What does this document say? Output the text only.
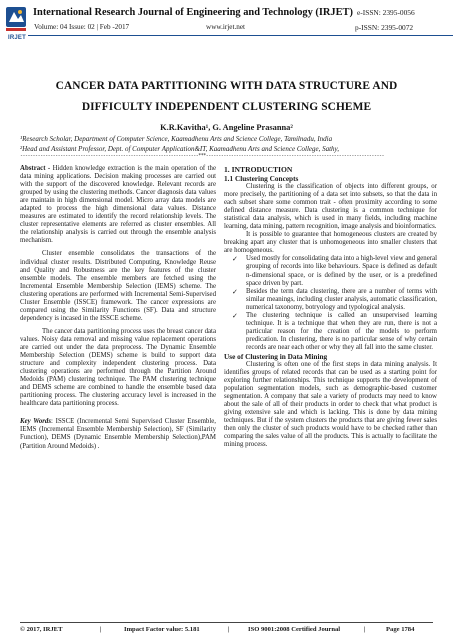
IRJET
International Research Journal of Engineering and Technology (IRJET) e-ISSN: 2395-0056
Volume: 04 Issue: 02 | Feb -2017	www.irjet.net	p-ISSN: 2395-0072
CANCER DATA PARTITIONING WITH DATA STRUCTURE AND
DIFFICULTY INDEPENDENT CLUSTERING SCHEME
K.R.Kavitha¹, G. Angeline Prasanna²
¹Research Scholar, Department of Computer Science, Kaamadhenu Arts and Science College, Tamilnadu, India
²Head and Assistant Professor, Dept. of Computer Application&IT, Kaamadhenu Arts and Science College, Sathy,
-----------------------------------------------------------------------***-----------------------------------------------------------------------

Abstract - Hidden knowledge extraction is the main operation of the data mining applications. Decision making processes are carried out with the support of the discovered knowledge. Relevant records are grouped by using the clustering methods. Cancer diagnosis data values are maintain in high dimensional model. Micro array data models are adapted to process the high dimensional data values. Distance measures are estimated to identify the record relationship levels. The cluster representative elements are referred as cluster ensembles. All the relationship analysis is carried out through the ensemble analysis mechanism.

Cluster ensemble consolidates the transactions of the individual cluster results. Distributed Computing, Knowledge Reuse and Quality and Robustness are the key features of the cluster ensemble models. The ensemble members are fetched using the Incremental Ensemble Membership Selection (IEMS) scheme. The clustering operations are performed with Incremental Semi-Supervised Cluster Ensemble (ISSCE) framework. The cancer expressions are compared using the Similarity Functions (SF). Data and structure dependency is incased in the ISSCE scheme.

The cancer data partitioning process uses the breast cancer data values. Noisy data removal and missing value replacement operations are carried out under the data preprocess. The Dynamic Ensemble Membership Selection (DEMS) scheme is build to support data structure and complexity independent clustering process. Data clustering operations are performed through the Partition Around Medoids (PAM) clustering technique. The PAM clustering technique and DEMS scheme are combined to handle the ensemble based data partitioning process. The clustering accuracy level is increased in the healthcare data partitioning process.

Key Words: ISSCE (Incremental Semi Supervised Cluster Ensemble, IEMS (Incremental Ensemble Membership Selection), SF (Similarity Function), DEMS (Dynamic Ensemble Membership Selection),PAM (Partition Around Medoids) .

1. INTRODUCTION

1.1 Clustering Concepts

Clustering is the classification of objects into different groups, or more precisely, the partitioning of a data set into subsets, so that the data in each subset share some common trait - often proximity according to some defined distance measure. Data clustering is a common technique for statistical data analysis, which is used in many fields, including machine learning, data mining, pattern recognition, image analysis and bioinformatics.

It is possible to guarantee that homogeneous clusters are created by breaking apart any cluster that is unhomogeneous into smaller clusters that are homogeneous.

✓ Used mostly for consolidating data into a high-level view and general grouping of records into like behaviours. Space is defined as default n-dimensional space, or is defined by the user, or is a predefined space driven by part.
✓ Besides the term data clustering, there are a number of terms with similar meanings, including cluster analysis, automatic classification, numerical taxonomy, botryology and typological analysis.
✓ The clustering technique is called an unsupervised learning technique. It is a technique that when they are run, there is not a particular reason for the creation of the models to perform predication. In clustering, there is no particular sense of why certain records are near each other or why they all fall into the same cluster.

Use of Clustering in Data Mining

Clustering is often one of the first steps in data mining analysis. It identifies groups of related records that can be used as a starting point for exploring further relationships. This technique supports the development of population segmentation models, such as demographic-based customer segmentation. A company that sale a variety of products may need to know about the sale of all of their products in order to check that what product is giving extensive sale and which is lacking. This is done by data mining techniques. But if the system clusters the products that are giving fewer sales then only the cluster of such products would have to be checked rather than comparing the sales value of all the products. This is actually to facilitate the mining process.

© 2017, IRJET	|	Impact Factor value: 5.181	|	ISO 9001:2008 Certified Journal	|	Page 1784
